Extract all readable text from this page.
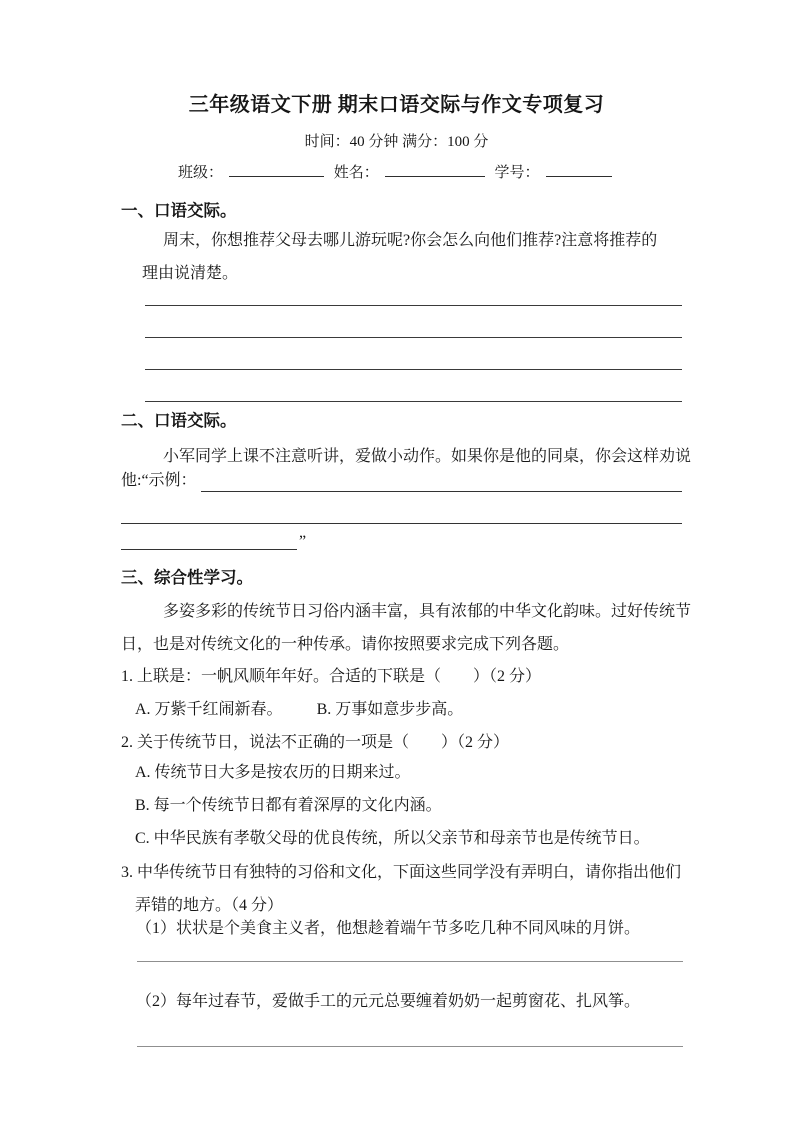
三年级语文下册 期末口语交际与作文专项复习
时间：40 分钟 满分：100 分
班级：	姓名：	学号：
一、口语交际。
周末，你想推荐父母去哪儿游玩呢?你会怎么向他们推荐?注意将推荐的
理由说清楚。
二、口语交际。
小军同学上课不注意听讲，爱做小动作。如果你是他的同桌，你会这样劝说
他:“示例：
”
三、综合性学习。
多姿多彩的传统节日习俗内涵丰富，具有浓郁的中华文化韵味。过好传统节
日，也是对传统文化的一种传承。请你按照要求完成下列各题。
1. 上联是：一帆风顺年年好。合适的下联是（　　）（2 分）
A. 万紫千红闹新春。 B. 万事如意步步高。
2. 关于传统节日，说法不正确的一项是（　　）（2 分）
A. 传统节日大多是按农历的日期来过。
B. 每一个传统节日都有着深厚的文化内涵。
C. 中华民族有孝敬父母的优良传统，所以父亲节和母亲节也是传统节日。
3. 中华传统节日有独特的习俗和文化，下面这些同学没有弄明白，请你指出他们
弄错的地方。（4 分）
（1）状状是个美食主义者，他想趁着端午节多吃几种不同风味的月饼。
（2）每年过春节，爱做手工的元元总要缠着奶奶一起剪窗花、扎风筝。
